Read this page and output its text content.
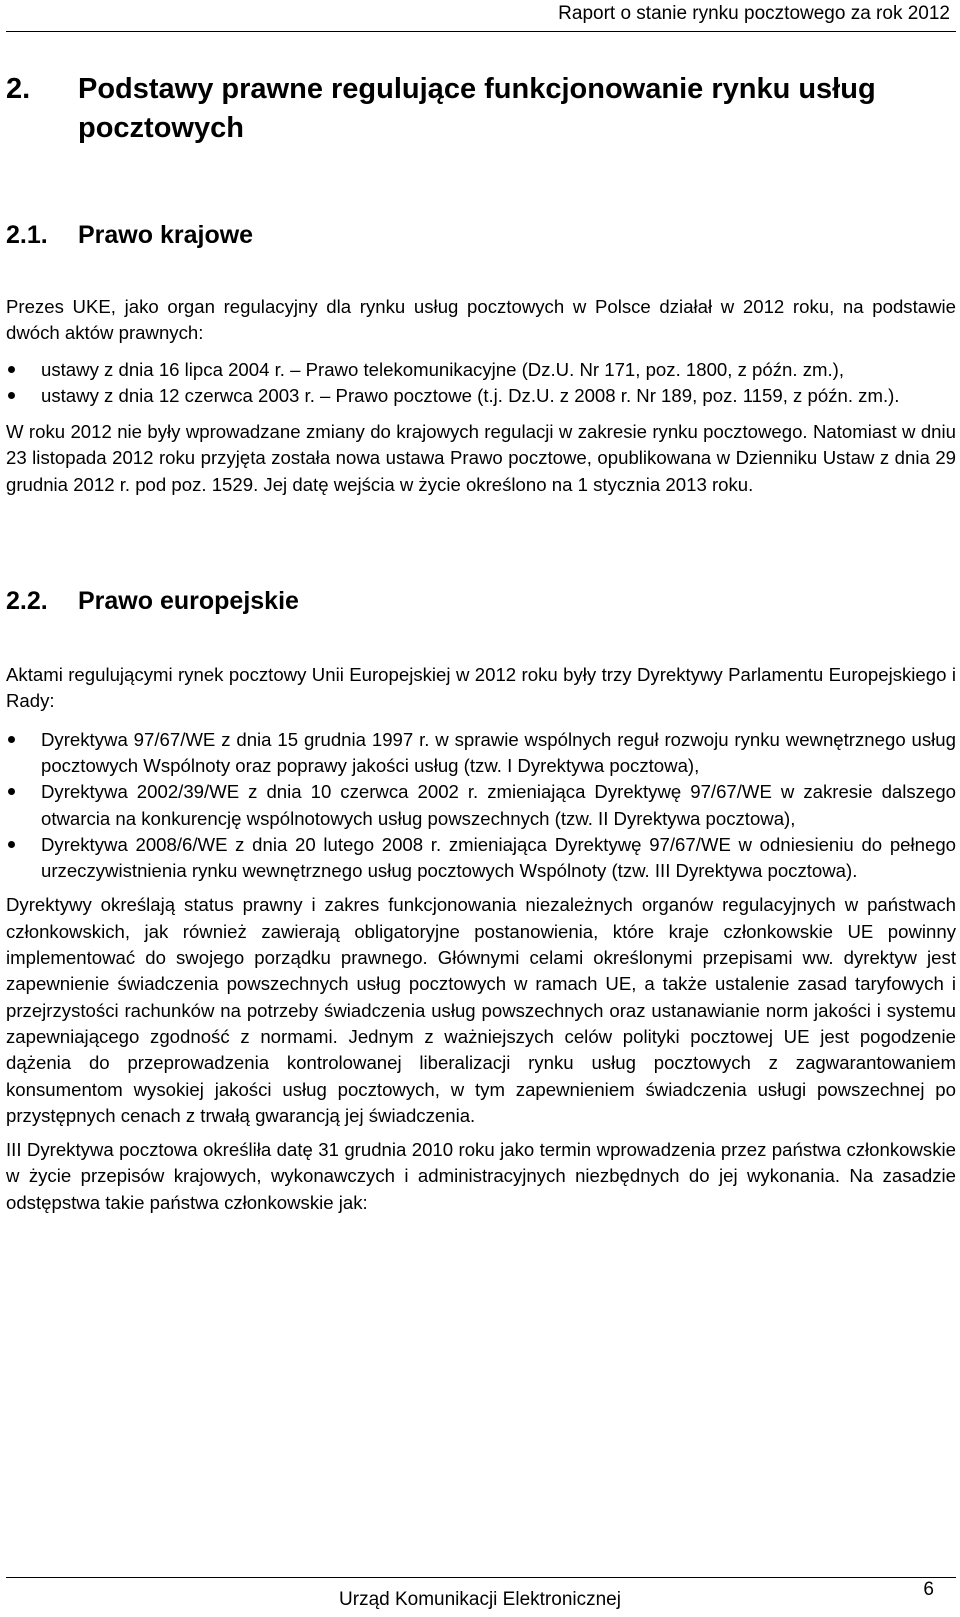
Raport o stanie rynku pocztowego za rok 2012
2.	Podstawy prawne regulujące funkcjonowanie rynku usług pocztowych
2.1.	Prawo krajowe

Prezes UKE, jako organ regulacyjny dla rynku usług pocztowych w Polsce działał w 2012 roku, na podstawie dwóch aktów prawnych:

ustawy z dnia 16 lipca 2004 r. ‒ Prawo telekomunikacyjne (Dz.U. Nr 171, poz. 1800, z późn. zm.),
ustawy z dnia 12 czerwca 2003 r. ‒ Prawo pocztowe (t.j. Dz.U. z 2008 r. Nr 189, poz. 1159, z późn. zm.).

W roku 2012 nie były wprowadzane zmiany do krajowych regulacji w zakresie rynku pocztowego. Natomiast w dniu 23 listopada 2012 roku przyjęta została nowa ustawa Prawo pocztowe, opublikowana w Dzienniku Ustaw z dnia 29 grudnia 2012 r. pod poz. 1529. Jej datę wejścia w życie określono na 1 stycznia 2013 roku.

2.2.	Prawo europejskie

Aktami regulującymi rynek pocztowy Unii Europejskiej w 2012 roku były trzy Dyrektywy Parlamentu Europejskiego i Rady:

Dyrektywa 97/67/WE z dnia 15 grudnia 1997 r. w sprawie wspólnych reguł rozwoju rynku wewnętrznego usług pocztowych Wspólnoty oraz poprawy jakości usług (tzw. I Dyrektywa pocztowa),
Dyrektywa 2002/39/WE z dnia 10 czerwca 2002 r. zmieniająca Dyrektywę 97/67/WE w zakresie dalszego otwarcia na konkurencję wspólnotowych usług powszechnych (tzw. II Dyrektywa pocztowa),
Dyrektywa 2008/6/WE z dnia 20 lutego 2008 r. zmieniająca Dyrektywę 97/67/WE w odniesieniu do pełnego urzeczywistnienia rynku wewnętrznego usług pocztowych Wspólnoty (tzw. III Dyrektywa pocztowa).

Dyrektywy określają status prawny i zakres funkcjonowania niezależnych organów regulacyjnych w państwach członkowskich, jak również zawierają obligatoryjne postanowienia, które kraje członkowskie UE powinny implementować do swojego porządku prawnego. Głównymi celami określonymi przepisami ww. dyrektyw jest zapewnienie świadczenia powszechnych usług pocztowych w ramach UE, a także ustalenie zasad taryfowych i przejrzystości rachunków na potrzeby świadczenia usług powszechnych oraz ustanawianie norm jakości i systemu zapewniającego zgodność z normami. Jednym z ważniejszych celów polityki pocztowej UE jest pogodzenie dążenia do przeprowadzenia kontrolowanej liberalizacji rynku usług pocztowych z zagwarantowaniem konsumentom wysokiej jakości usług pocztowych, w tym zapewnieniem świadczenia usługi powszechnej po przystępnych cenach z trwałą gwarancją jej świadczenia.

III Dyrektywa pocztowa określiła datę 31 grudnia 2010 roku jako termin wprowadzenia przez państwa członkowskie w życie przepisów krajowych, wykonawczych i administracyjnych niezbędnych do jej wykonania. Na zasadzie odstępstwa takie państwa członkowskie jak:

Urząd Komunikacji Elektronicznej	6
